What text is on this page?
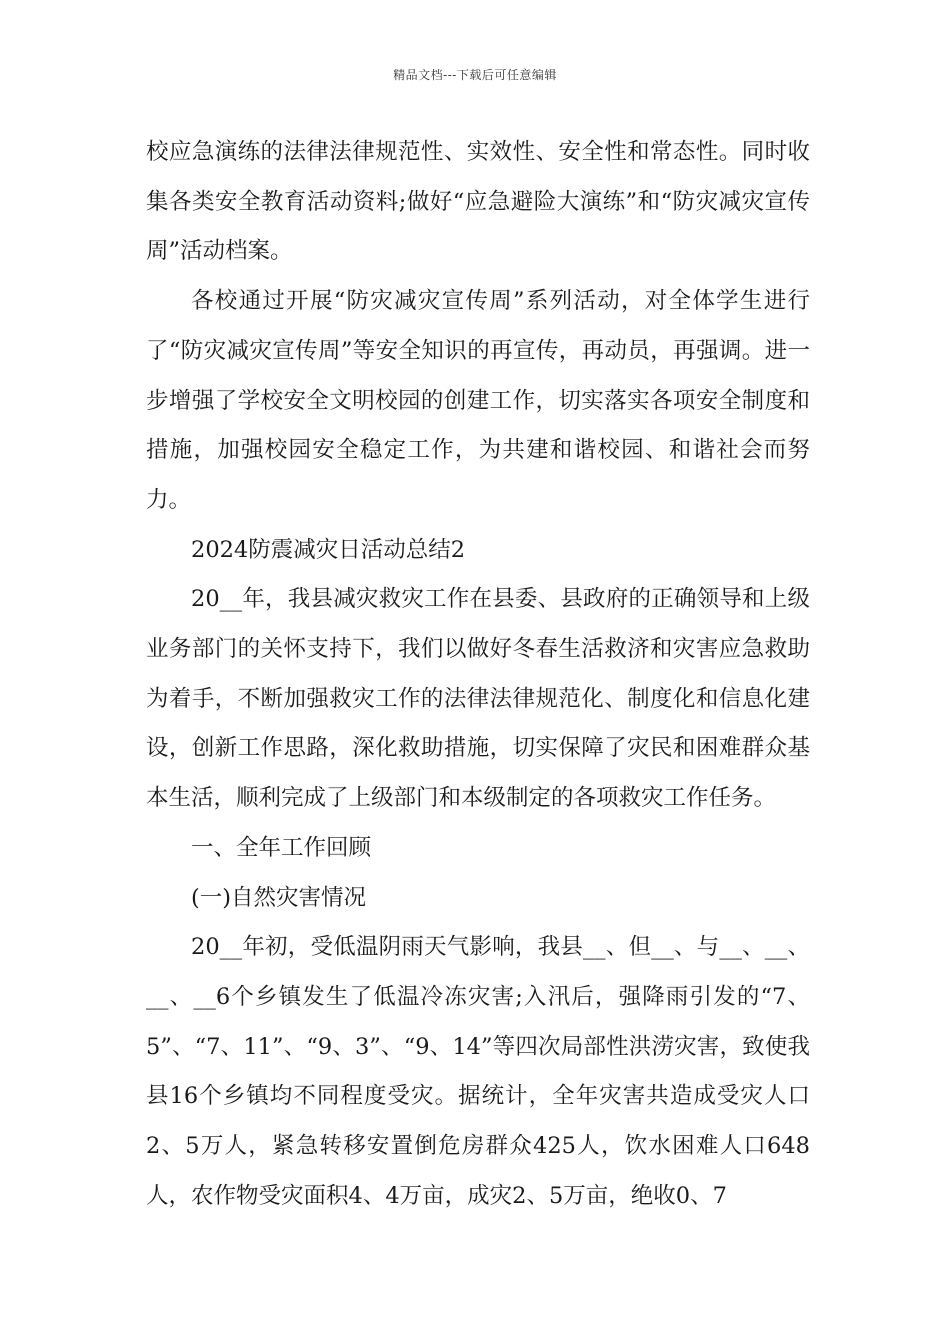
精品文档---下载后可任意编辑

校应急演练的法律法律规范性、实效性、安全性和常态性。同时收集各类安全教育活动资料;做好“应急避险大演练”和“防灾减灾宣传周”活动档案。

各校通过开展“防灾减灾宣传周”系列活动，对全体学生进行了“防灾减灾宣传周”等安全知识的再宣传，再动员，再强调。进一步增强了学校安全文明校园的创建工作，切实落实各项安全制度和措施，加强校园安全稳定工作，为共建和谐校园、和谐社会而努力。

2024防震减灾日活动总结2

20__年，我县减灾救灾工作在县委、县政府的正确领导和上级业务部门的关怀支持下，我们以做好冬春生活救济和灾害应急救助为着手，不断加强救灾工作的法律法律规范化、制度化和信息化建设，创新工作思路，深化救助措施，切实保障了灾民和困难群众基本生活，顺利完成了上级部门和本级制定的各项救灾工作任务。

一、全年工作回顾

(一)自然灾害情况

20__年初，受低温阴雨天气影响，我县__、但__、与__、__、__、__6个乡镇发生了低温冷冻灾害;入汛后，强降雨引发的“7、5”、“7、11”、“9、3”、“9、14”等四次局部性洪涝灾害，致使我县16个乡镇均不同程度受灾。据统计，全年灾害共造成受灾人口2、5万人，紧急转移安置倒危房群众425人，饮水困难人口648人，农作物受灾面积4、4万亩，成灾2、5万亩，绝收0、7
